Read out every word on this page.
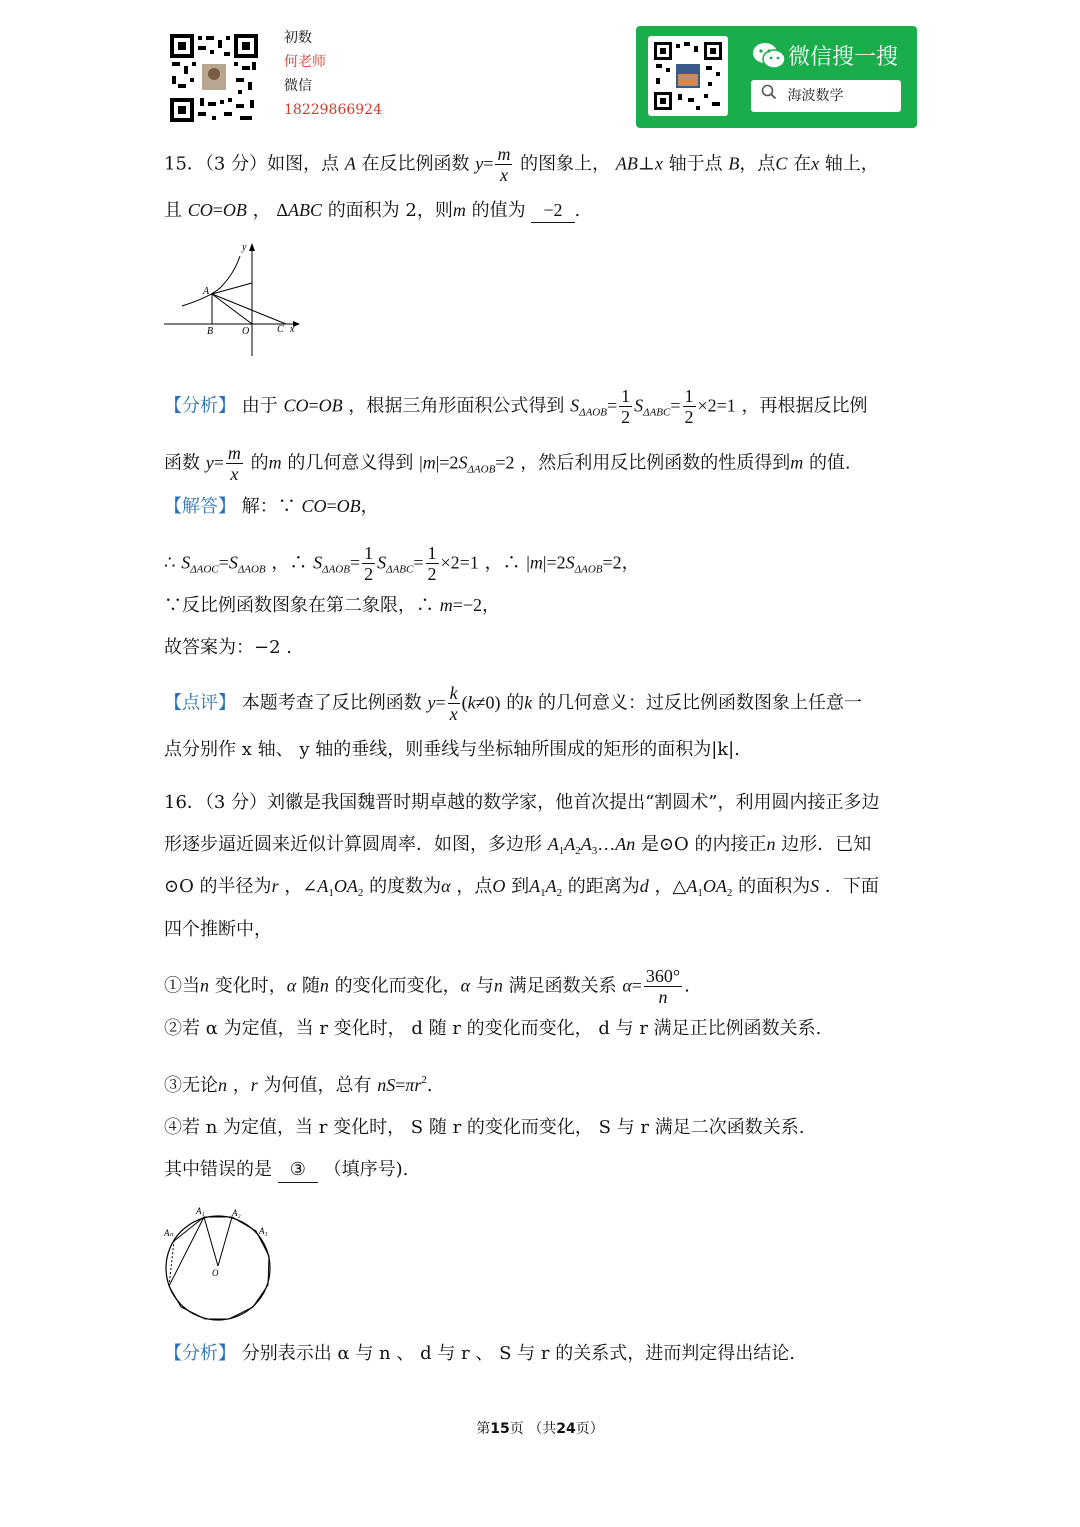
初数
何老师
微信
18229866924
微信搜一搜
海波数学
15．（3 分）如图，点 A 在反比例函数 $y= \frac{m}{x}$ 的图象上， AB⊥x 轴于点 B，点C 在x 轴上，
且 CO=OB ， ΔABC 的面积为 2，则m 的值为 −2 .
y
A
B	O	C x
【分析】 由于 CO=OB ，根据三角形面积公式得到 $S_{\Delta AOB}= \frac{1}{2} S_{\Delta ABC}= \frac{1}{2} \times 2=1$ ，再根据反比例
函数 $y= \frac{m}{x}$ 的m 的几何意义得到 $|m|=2S_{\Delta AOB}=2$ ，然后利用反比例函数的性质得到m 的值.
【解答】 解：∵ CO=OB，
∴ $S_{\Delta AOC}=S_{\Delta AOB}$ ，∴ $S_{\Delta AOB}= \frac{1}{2} S_{\Delta ABC}= \frac{1}{2} \times 2=1$ ，∴ $|m|=2S_{\Delta AOB}=2$，
∵反比例函数图象在第二象限，∴ m=−2，
故答案为：−2 .
【点评】 本题考查了反比例函数 $y= \frac{k}{x} (k\ne 0)$ 的k 的几何意义：过反比例函数图象上任意一
点分别作 x 轴、 y 轴的垂线，则垂线与坐标轴所围成的矩形的面积为|k|.
16．（3 分）刘徽是我国魏晋时期卓越的数学家，他首次提出“割圆术”，利用圆内接正多边
形逐步逼近圆来近似计算圆周率．如图，多边形 $A_1A_2A_3\dots An$ 是⊙O 的内接正n 边形．已知
⊙O 的半径为r ，$\angle A_1OA_2$ 的度数为α ，点O 到$A_1A_2$ 的距离为d ，$\triangle A_1OA_2$ 的面积为S ．下面
四个推断中，
①当n 变化时，α 随n 的变化而变化，α 与n 满足函数关系 $\alpha= \frac{360^\circ}{n}$ .
②若 α 为定值，当 r 变化时， d 随 r 的变化而变化， d 与 r 满足正比例函数关系.
③无论n ，r 为何值，总有 $nS=\pi r^2$.
④若 n 为定值，当 r 变化时， S 随 r 的变化而变化， S 与 r 满足二次函数关系.
其中错误的是 ③ （填序号).
A₁	A₂
A₃
Aₙ
O
【分析】 分别表示出 α 与 n 、 d 与 r 、 S 与 r 的关系式，进而判定得出结论.
第15页 （共24页）
